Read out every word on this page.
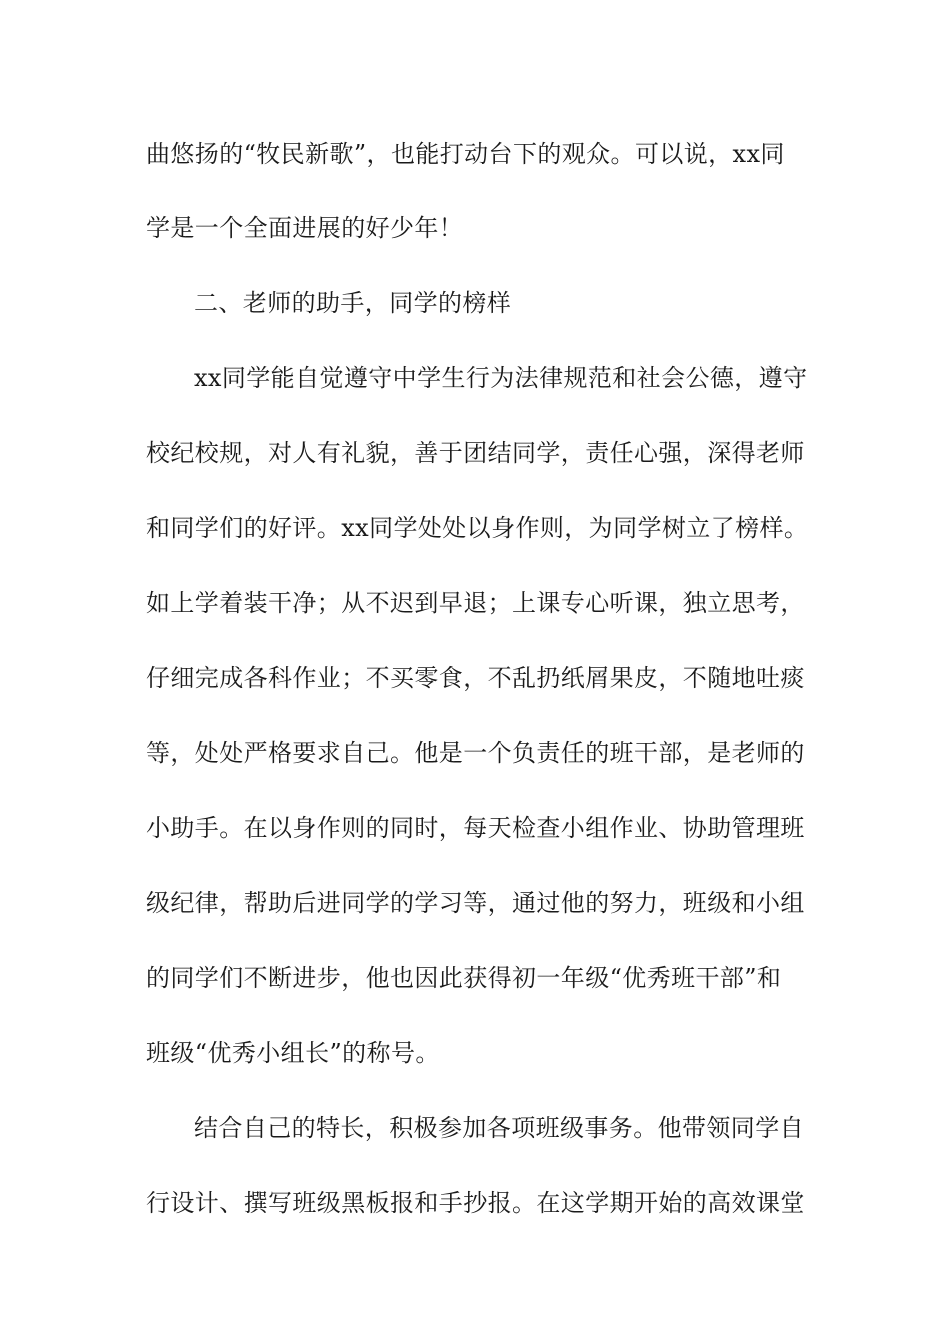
曲悠扬的“牧民新歌”，也能打动台下的观众。可以说，xx同
学是一个全面进展的好少年！
二、老师的助手，同学的榜样
xx同学能自觉遵守中学生行为法律规范和社会公德，遵守
校纪校规，对人有礼貌，善于团结同学，责任心强，深得老师
和同学们的好评。xx同学处处以身作则，为同学树立了榜样。
如上学着装干净；从不迟到早退；上课专心听课，独立思考，
仔细完成各科作业；不买零食，不乱扔纸屑果皮，不随地吐痰
等，处处严格要求自己。他是一个负责任的班干部，是老师的
小助手。在以身作则的同时，每天检查小组作业、协助管理班
级纪律，帮助后进同学的学习等，通过他的努力，班级和小组
的同学们不断进步，他也因此获得初一年级“优秀班干部”和
班级“优秀小组长”的称号。
结合自己的特长，积极参加各项班级事务。他带领同学自
行设计、撰写班级黑板报和手抄报。在这学期开始的高效课堂
